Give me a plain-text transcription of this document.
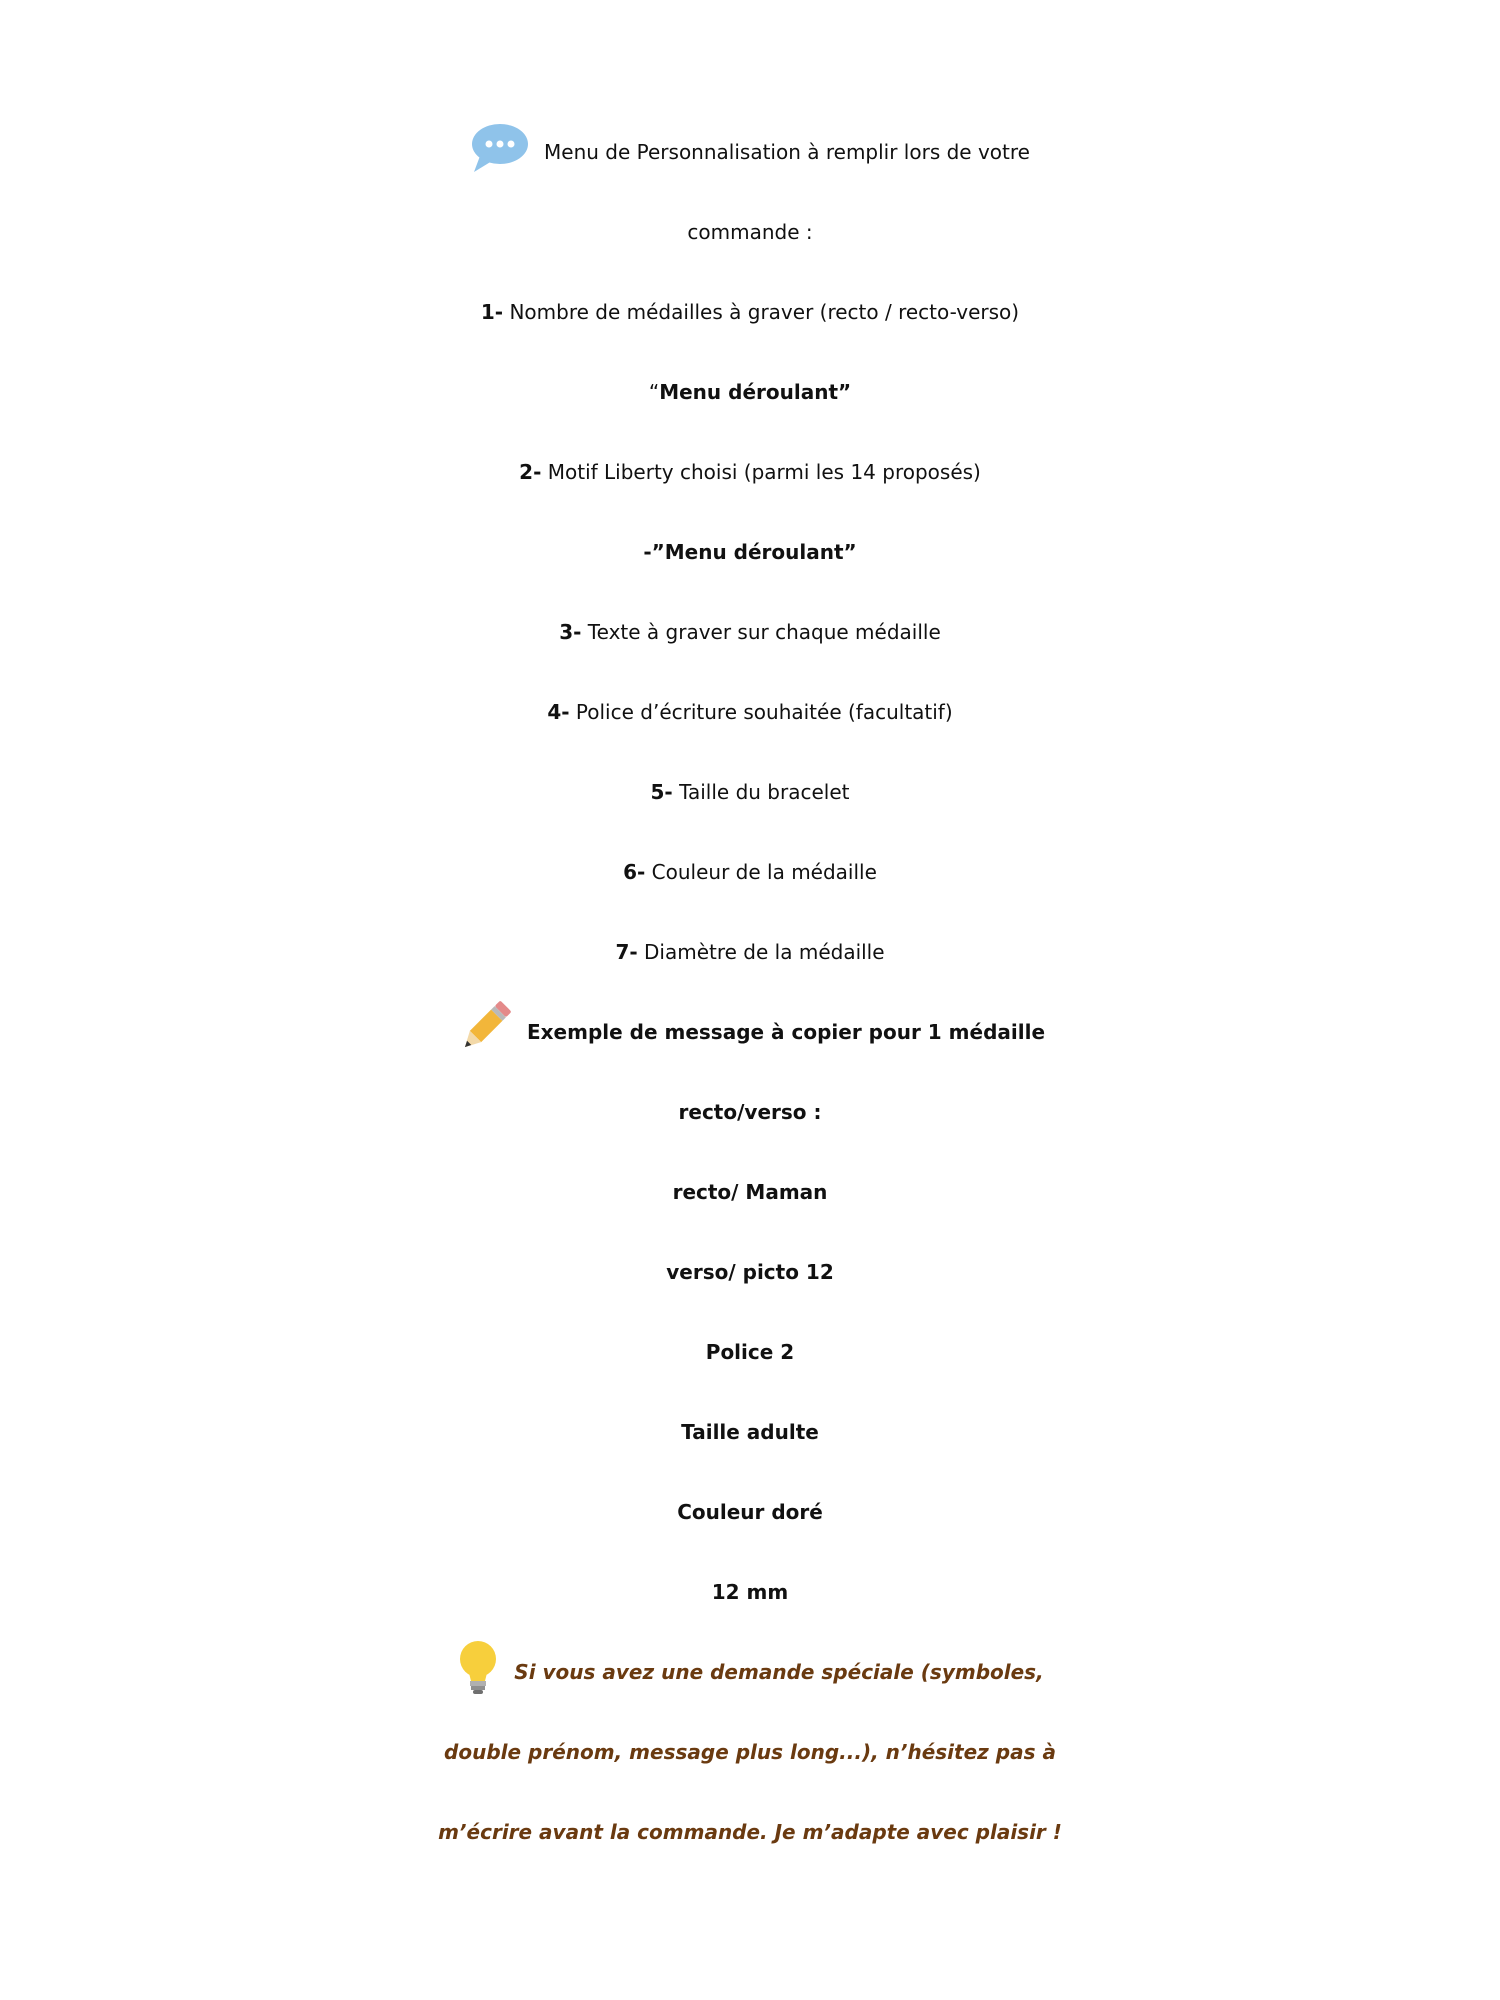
Menu de Personnalisation à remplir lors de votre
commande :
1- Nombre de médailles à graver (recto / recto-verso)
“Menu déroulant”
2- Motif Liberty choisi (parmi les 14 proposés)
-”Menu déroulant”
3- Texte à graver sur chaque médaille
4- Police d’écriture souhaitée (facultatif)
5- Taille du bracelet
6- Couleur de la médaille
7- Diamètre de la médaille
Exemple de message à copier pour 1 médaille
recto/verso :
recto/ Maman
verso/ picto 12
Police 2
Taille adulte
Couleur doré
12 mm
Si vous avez une demande spéciale (symboles,
double prénom, message plus long...), n’hésitez pas à
m’écrire avant la commande. Je m’adapte avec plaisir !
